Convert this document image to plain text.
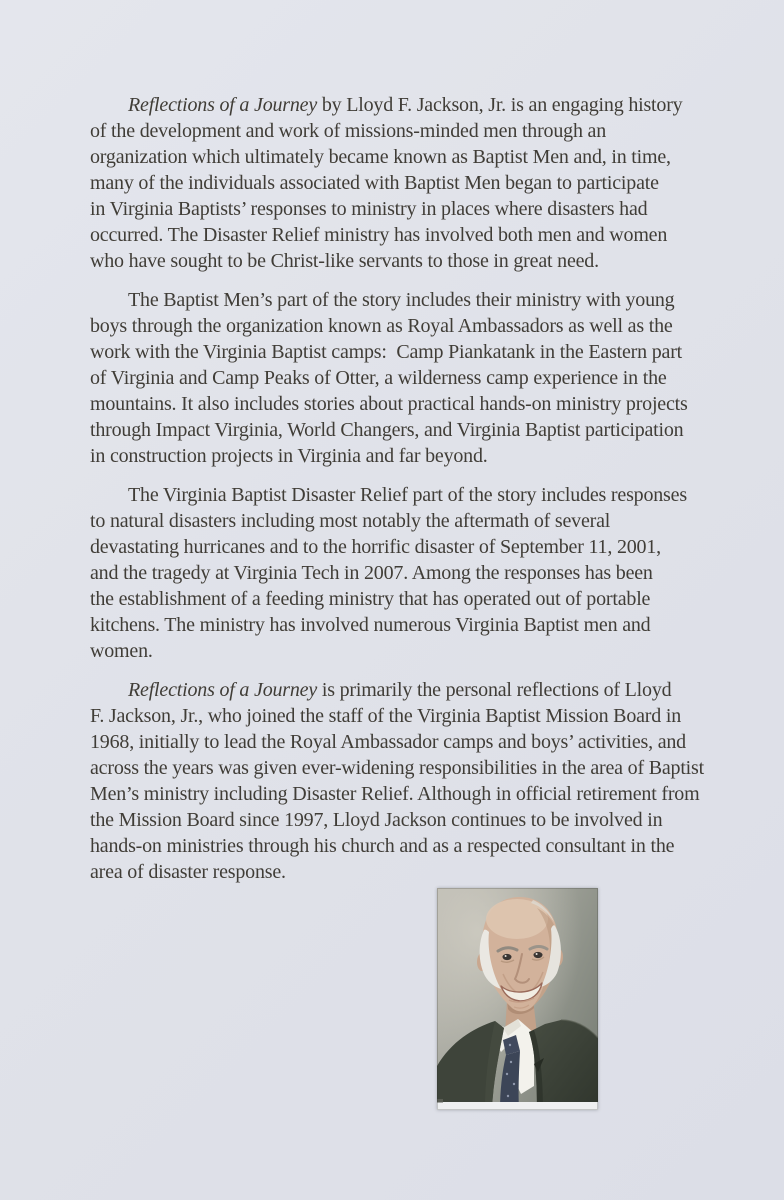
Reflections of a Journey by Lloyd F. Jackson, Jr. is an engaging history
of the development and work of missions-minded men through an
organization which ultimately became known as Baptist Men and, in time,
many of the individuals associated with Baptist Men began to participate
in Virginia Baptists’ responses to ministry in places where disasters had
occurred. The Disaster Relief ministry has involved both men and women
who have sought to be Christ-like servants to those in great need.
The Baptist Men’s part of the story includes their ministry with young
boys through the organization known as Royal Ambassadors as well as the
work with the Virginia Baptist camps:  Camp Piankatank in the Eastern part
of Virginia and Camp Peaks of Otter, a wilderness camp experience in the
mountains. It also includes stories about practical hands-on ministry projects
through Impact Virginia, World Changers, and Virginia Baptist participation
in construction projects in Virginia and far beyond.
The Virginia Baptist Disaster Relief part of the story includes responses
to natural disasters including most notably the aftermath of several
devastating hurricanes and to the horrific disaster of September 11, 2001,
and the tragedy at Virginia Tech in 2007. Among the responses has been
the establishment of a feeding ministry that has operated out of portable
kitchens. The ministry has involved numerous Virginia Baptist men and
women.
Reflections of a Journey is primarily the personal reflections of Lloyd
F. Jackson, Jr., who joined the staff of the Virginia Baptist Mission Board in
1968, initially to lead the Royal Ambassador camps and boys’ activities, and
across the years was given ever-widening responsibilities in the area of Baptist
Men’s ministry including Disaster Relief. Although in official retirement from
the Mission Board since 1997, Lloyd Jackson continues to be involved in
hands-on ministries through his church and as a respected consultant in the
area of disaster response.
